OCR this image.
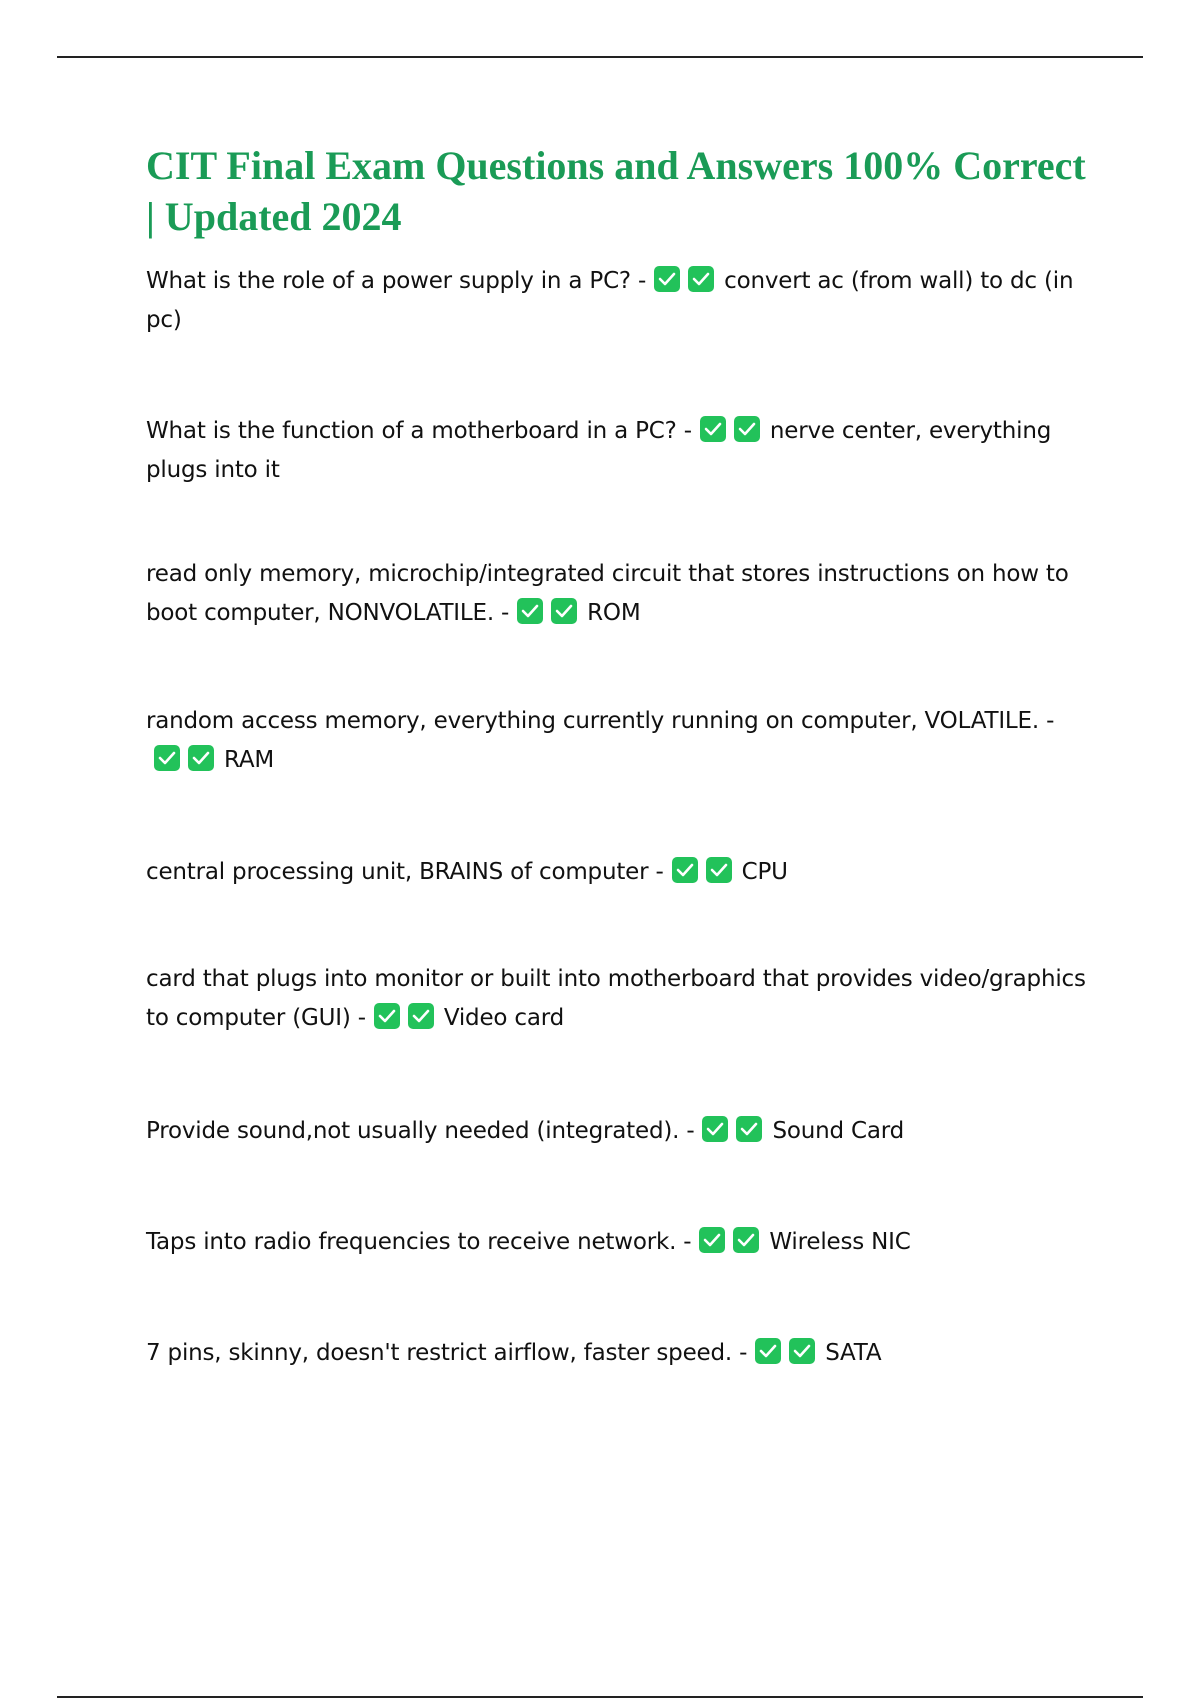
CIT Final Exam Questions and Answers 100% Correct | Updated 2024

What is the role of a power supply in a PC? -	convert ac (from wall) to dc (in pc)

What is the function of a motherboard in a PC? -	nerve center, everything plugs into it

read only memory, microchip/integrated circuit that stores instructions on how to boot computer, NONVOLATILE. -	ROM

random access memory, everything currently running on computer, VOLATILE. -
RAM

central processing unit, BRAINS of computer -	CPU

card that plugs into monitor or built into motherboard that provides video/graphics to computer (GUI) -	Video card

Provide sound,not usually needed (integrated). -	Sound Card

Taps into radio frequencies to receive network. -	Wireless NIC

7 pins, skinny, doesn't restrict airflow, faster speed. -	SATA
